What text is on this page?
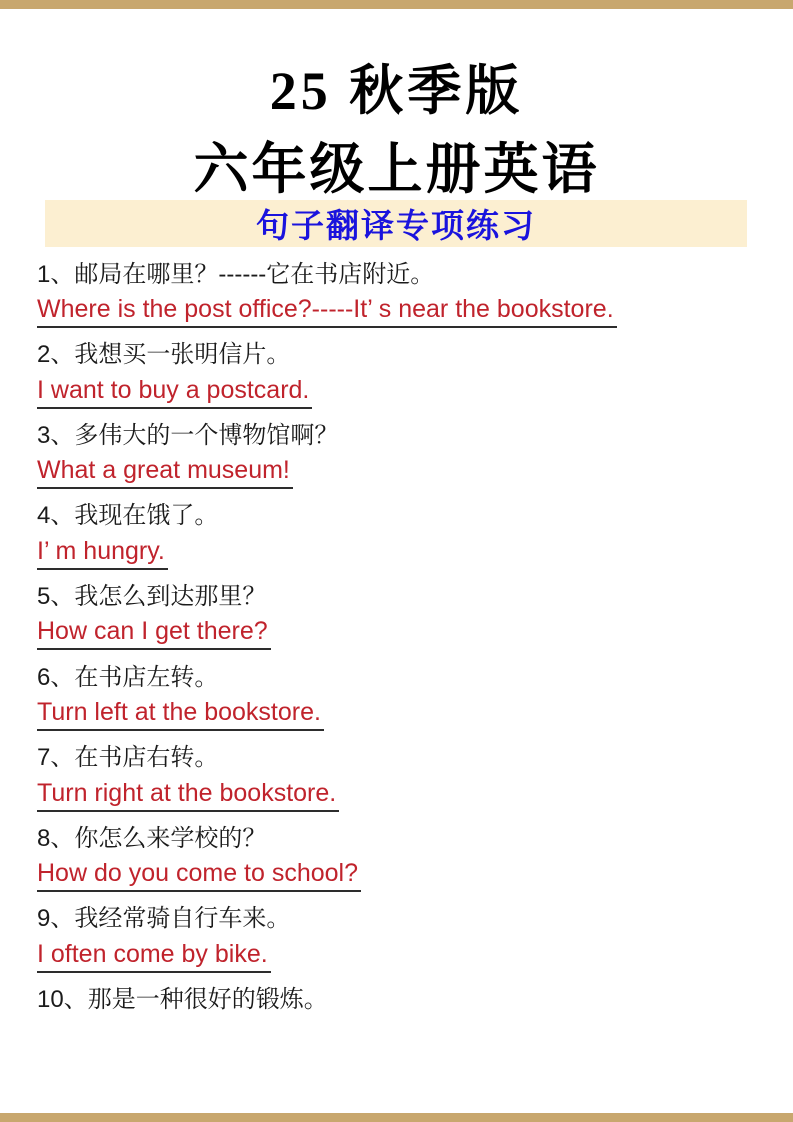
25 秋季版
六年级上册英语
句子翻译专项练习
1、邮局在哪里？------它在书店附近。
Where is the post office?-----It’ s near the bookstore.
2、我想买一张明信片。
I want to buy a postcard.
3、多伟大的一个博物馆啊？
What a great museum!
4、我现在饿了。
I’ m hungry.
5、我怎么到达那里？
How can I get there?
6、在书店左转。
Turn left at the bookstore.
7、在书店右转。
Turn right at the bookstore.
8、你怎么来学校的？
How do you come to school?
9、我经常骑自行车来。
I often come by bike.
10、那是一种很好的锻炼。
